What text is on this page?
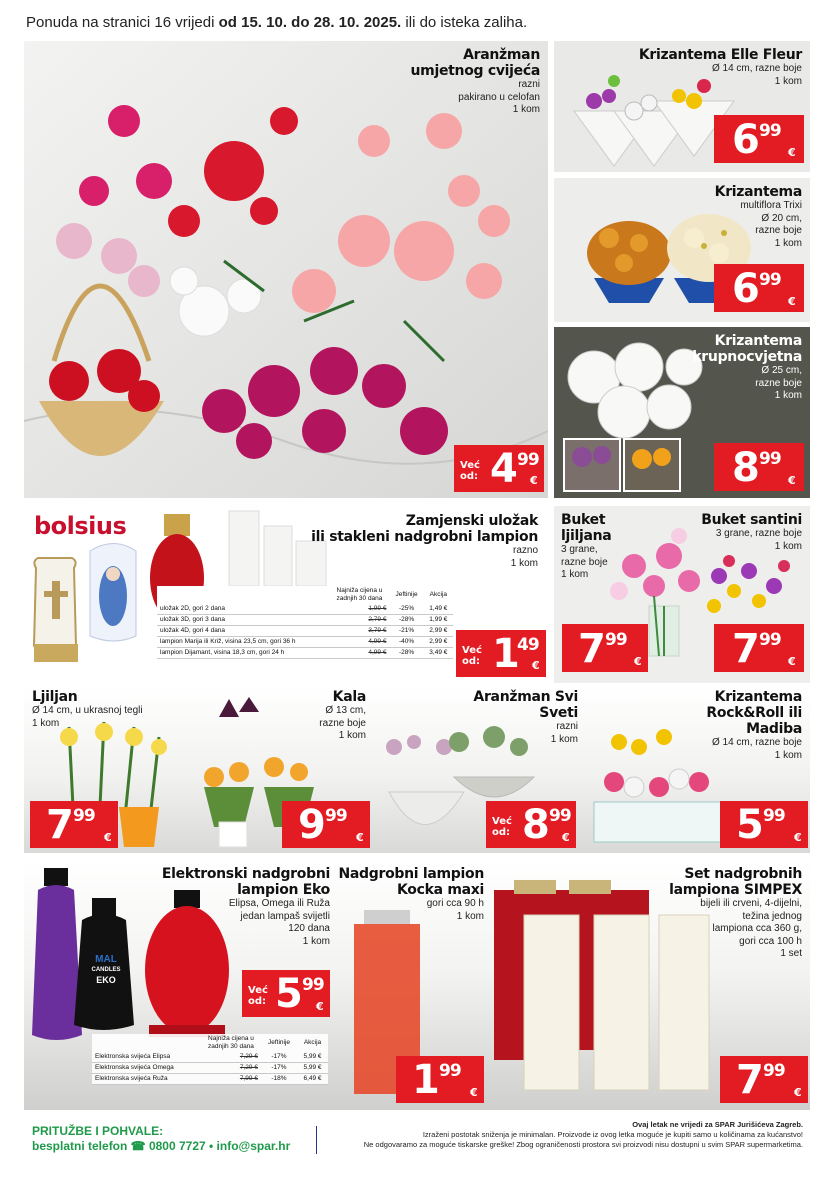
Ponuda na stranici 16 vrijedi od 15. 10. do 28. 10. 2025. ili do isteka zaliha.
Aranžman
umjetnog cvijeća
razni
pakirano u celofan
1 kom
Već
od: 4 99
€
Krizantema Elle Fleur
Ø 14 cm, razne boje
1 kom
6 99
€
Krizantema
multiflora Trixi
Ø 20 cm,
razne boje
1 kom
6 99
€
Krizantema
krupnocvjetna
Ø 25 cm,
razne boje
1 kom
8 99
€
bolsius	Zamjenski uložak
ili stakleni nadgrobni lampion
razno
1 kom
	Najniža cijena u zadnjih 30 dana	Jeftinije	Akcija
uložak 2D, gori 2 dana	1,99 €	-25%	1,49 €
uložak 3D, gori 3 dana	2,79 €	-28%	1,99 €
uložak 4D, gori 4 dana	3,79 €	-21%	2,99 €
lampion Marija ili Križ, visina 23,5 cm, gori 36 h	4,99 €	-40%	2,99 €
lampion Dijamant, visina 18,3 cm, gori 24 h	4,99 €	-28%	3,49 € Već
od: 1 49
€
Buket
ljiljana
3 grane,
razne boje
1 kom
Buket santini
3 grane, razne boje
1 kom
7 99
€ 7 99
€
Ljiljan
Ø 14 cm, u ukrasnoj tegli
1 kom
7 99
€
Kala
Ø 13 cm,
razne boje
1 kom
9 99
€
Aranžman Svi Sveti
razni
1 kom
Već
od: 8 99
€
Krizantema
Rock&Roll ili
Madiba
Ø 14 cm, razne boje
1 kom
5 99
€
MAL
CANDLES
EKO
Elektronski nadgrobni
lampion Eko
Elipsa, Omega ili Ruža
jedan lampaš svijetli
120 dana
1 kom
Već
od: 5 99
€
	Najniža cijena u zadnjih 30 dana	Jeftinije	Akcija
Elektronska svijeća Elipsa	7,29 €	-17%	5,99 €
Elektronska svijeća Omega	7,29 €	-17%	5,99 €
Elektronska svijeća Ruža	7,99 €	-18%	6,49 €
Nadgrobni lampion
Kocka maxi
gori cca 90 h
1 kom
1 99
€
Set nadgrobnih
lampiona SIMPEX
bijeli ili crveni, 4-dijelni,
težina jednog
lampiona cca 360 g,
gori cca 100 h
1 set
7 99
€
PRITUŽBE I POHVALE:
besplatni telefon ☎ 0800 7727 • info@spar.hr
Ovaj letak ne vrijedi za SPAR Jurišićeva Zagreb.
Izraženi postotak sniženja je minimalan. Proizvode iz ovog letka moguće je kupiti samo u količinama za kućanstvo!
Ne odgovaramo za moguće tiskarske greške! Zbog ograničenosti prostora svi proizvodi nisu dostupni u svim SPAR supermarketima.
